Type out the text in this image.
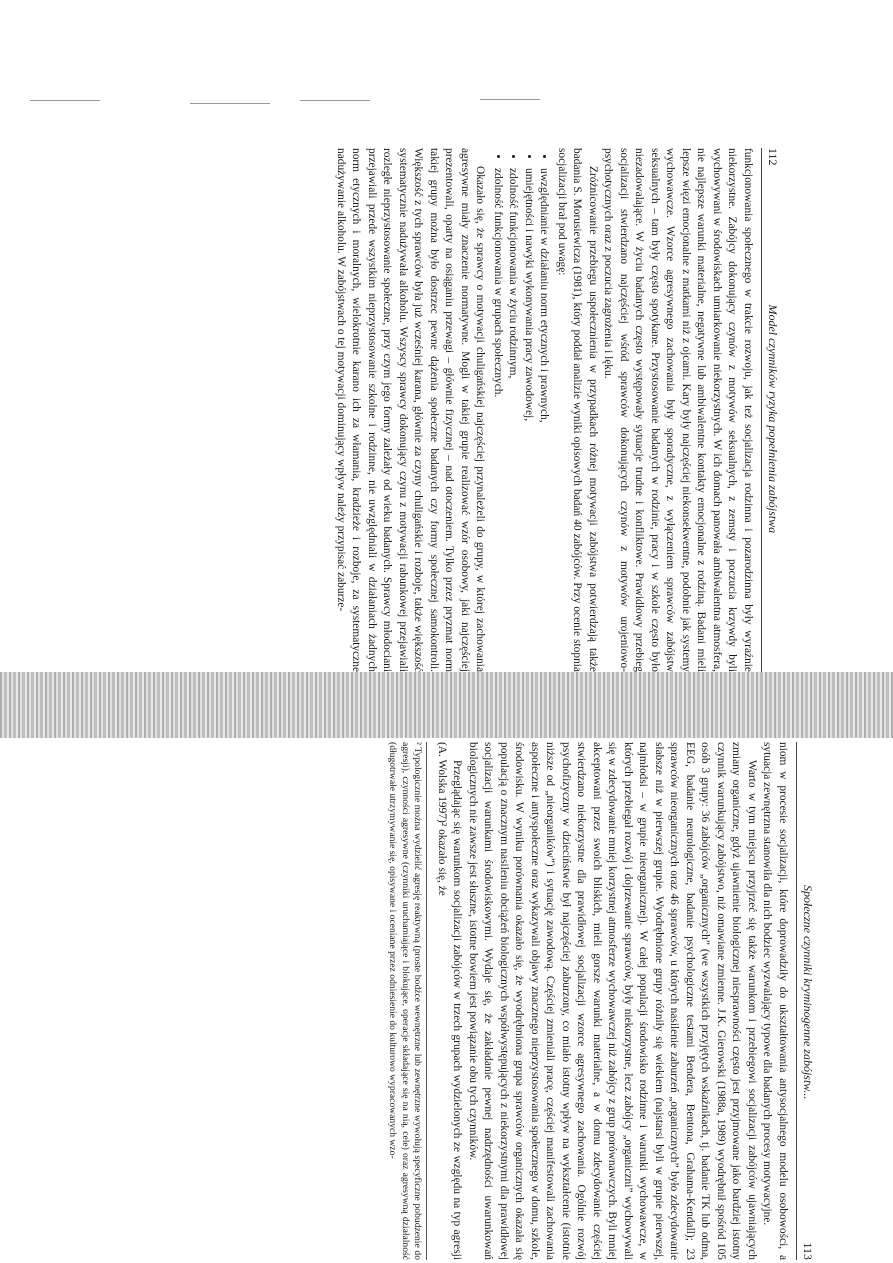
112
Model czynników ryzyka popełnienia zabójstwa

funkcjonowania społecznego w trakcie rozwoju, jak też socjalizacja rodzinna i pozarodzinna były wyraźnie niekorzystne. Zabójcy dokonujący czynów z motywów seksualnych, z zemsty i poczucia krzywdy byli wychowywani w środowiskach umiarkowanie niekorzystnych. W ich domach panowała ambiwalentna atmosfera, nie najlepsze warunki materialne, negatywne lub ambiwalentne kontakty emocjonalne z rodziną. Badani mieli lepsze więzi emocjonalne z matkami niż z ojcami. Kary były najczęściej niekonsekwentne, podobnie jak systemy wychowawcze. Wzorce agresywnego zachowania były sporadyczne, z wyłączeniem sprawców zabójstw seksualnych – tam były często spotykane. Przystosowanie badanych w rodzinie, pracy i w szkole często było niezadowalające. W życiu badanych często występowały sytuacje trudne i konfliktowe. Prawidłowy przebieg socjalizacji stwierdzano najczęściej wśród sprawców dokonujących czynów z motywów urojeniowo-psychotycznych oraz z poczucia zagrożenia i lęku.

Zróżnicowanie przebiegu uspołecznienia w przypadkach różnej motywacji zabójstwa potwierdzają także badania S. Morusiewicza (1981), który poddał analizie wyniki opisowych badań 40 zabójców. Przy ocenie stopnia socjalizacji brał pod uwagę:

• uwzględnianie w działaniu norm etycznych i prawnych,
• umiejętności i nawyki wykonywania pracy zawodowej,
• zdolność funkcjonowania w życiu rodzinnym,
• zdolność funkcjonowania w grupach społecznych.

Okazało się, że sprawcy o motywacji chuligańskiej najczęściej przynależeli do grupy, w której zachowania agresywne miały znaczenie normatywne. Mogli w takiej grupie realizować wzór osobowy, jaki najczęściej prezentowali, oparty na osiąganiu przewagi – głównie fizycznej – nad otoczeniem. Tylko przez pryzmat norm takiej grupy można było dostrzec pewne dążenia społeczne badanych czy formy społecznej samokontroli. Większość z tych sprawców była już wcześniej karana, głównie za czyny chuligańskie i rozboje, także większość systematycznie nadużywała alkoholu. Wszyscy sprawcy dokonujący czynu z motywacji rabunkowej przejawiali rozległe nieprzystosowanie społeczne, przy czym jego formy zależały od wieku badanych. Sprawcy młodociani przejawiali przede wszystkim nieprzystosowanie szkolne i rodzinne, nie uwzględniali w działaniach żadnych norm etycznych i moralnych, wielokrotnie karano ich za włamania, kradzieże i rozboje, za systematyczne nadużywanie alkoholu. W zabójstwach o tej motywacji dominujący wpływ należy przypisać zaburze-

Społeczne czynniki kryminogenne zabójstw...
113

niom w procesie socjalizacji, które doprowadziły do ukształtowania antysocjalnego modelu osobowości, a sytuacja zewnętrzna stanowiła dla nich bodziec wyzwalający typowe dla badanych procesy motywacyjne.

Warto w tym miejscu przyjrzeć się także warunkom i przebiegowi socjalizacji zabójców ujawniających zmiany organiczne, gdyż ujawnienie biologicznej niesprawności często jest przyjmowane jako bardziej istotny czynnik warunkujący zabójstwo, niż omawiane zmienne. J.K. Gierowski (1988a, 1989) wyodrębnił spośród 105 osób 3 grupy: 36 zabójców „organicznych” (we wszystkich przyjętych wskaźnikach, tj. badanie TK lub odma, EEG, badanie neurologiczne, badanie psychologiczne testami Bendera, Bentona, Grahama-Kendall); 23 sprawców nieorganicznych oraz 46 sprawców, u których nasilenie zaburzeń „organicznych” było zdecydowanie słabsze niż w pierwszej grupie. Wyodrębnione grupy różniły się wiekiem (najstarsi byli w grupie pierwszej, najmłodsi – w grupie nieorganicznej). W całej populacji środowisko rodzinne i warunki wychowawcze, w których przebiegał rozwój i dojrzewanie sprawców, były niekorzystne, lecz zabójcy „organiczni” wychowywali się w zdecydowanie mniej korzystnej atmosferze wychowawczej niż zabójcy z grup porównawczych. Byli mniej akceptowani przez swoich bliskich, mieli gorsze warunki materialne, a w domu zdecydowanie częściej stwierdzano niekorzystne dla prawidłowej socjalizacji wzorce agresywnego zachowania. Ogólnie rozwój psychofizyczny w dzieciństwie był najczęściej zaburzony, co miało istotny wpływ na wykształcenie (istotnie niższe od „nieorganików”) i sytuację zawodową. Częściej zmieniali pracę, częściej manifestowali zachowania aspołeczne i antyspołeczne oraz wykazywali objawy znacznego nieprzystosowania społecznego w domu, szkole, środowisku. W wyniku porównania okazało się, że wyodrębniona grupa sprawców organicznych okazała się populacją o znacznym nasileniu obciążeń biologicznych współwystępujących z niekorzystnymi dla prawidłowej socjalizacji warunkami środowiskowymi. Wydaje się, że zakładanie pewnej nadrzędności uwarunkowań biologicznych nie zawsze jest słuszne, istotne bowiem jest powiązanie obu tych czynników.

Przeglądając się warunkom socjalizacji zabójców w trzech grupach wydzielonych ze względu na typ agresji (A. Wolska 1997)² okazało się, że

² Typologicznie można wydzielić agresję reaktywną (proste bodźce wewnętrzne lub zewnętrzne wywołują specyficzne pobudzenie do agresji), czynności agresywne (czynniki uruchamiające i blokujące, operacje składające się na nią, cele) oraz agresywną działalność (długotrwałe utrzymywanie się, opisywane i oceniane przez odniesienie do kulturowo wypracowanych wzo-
